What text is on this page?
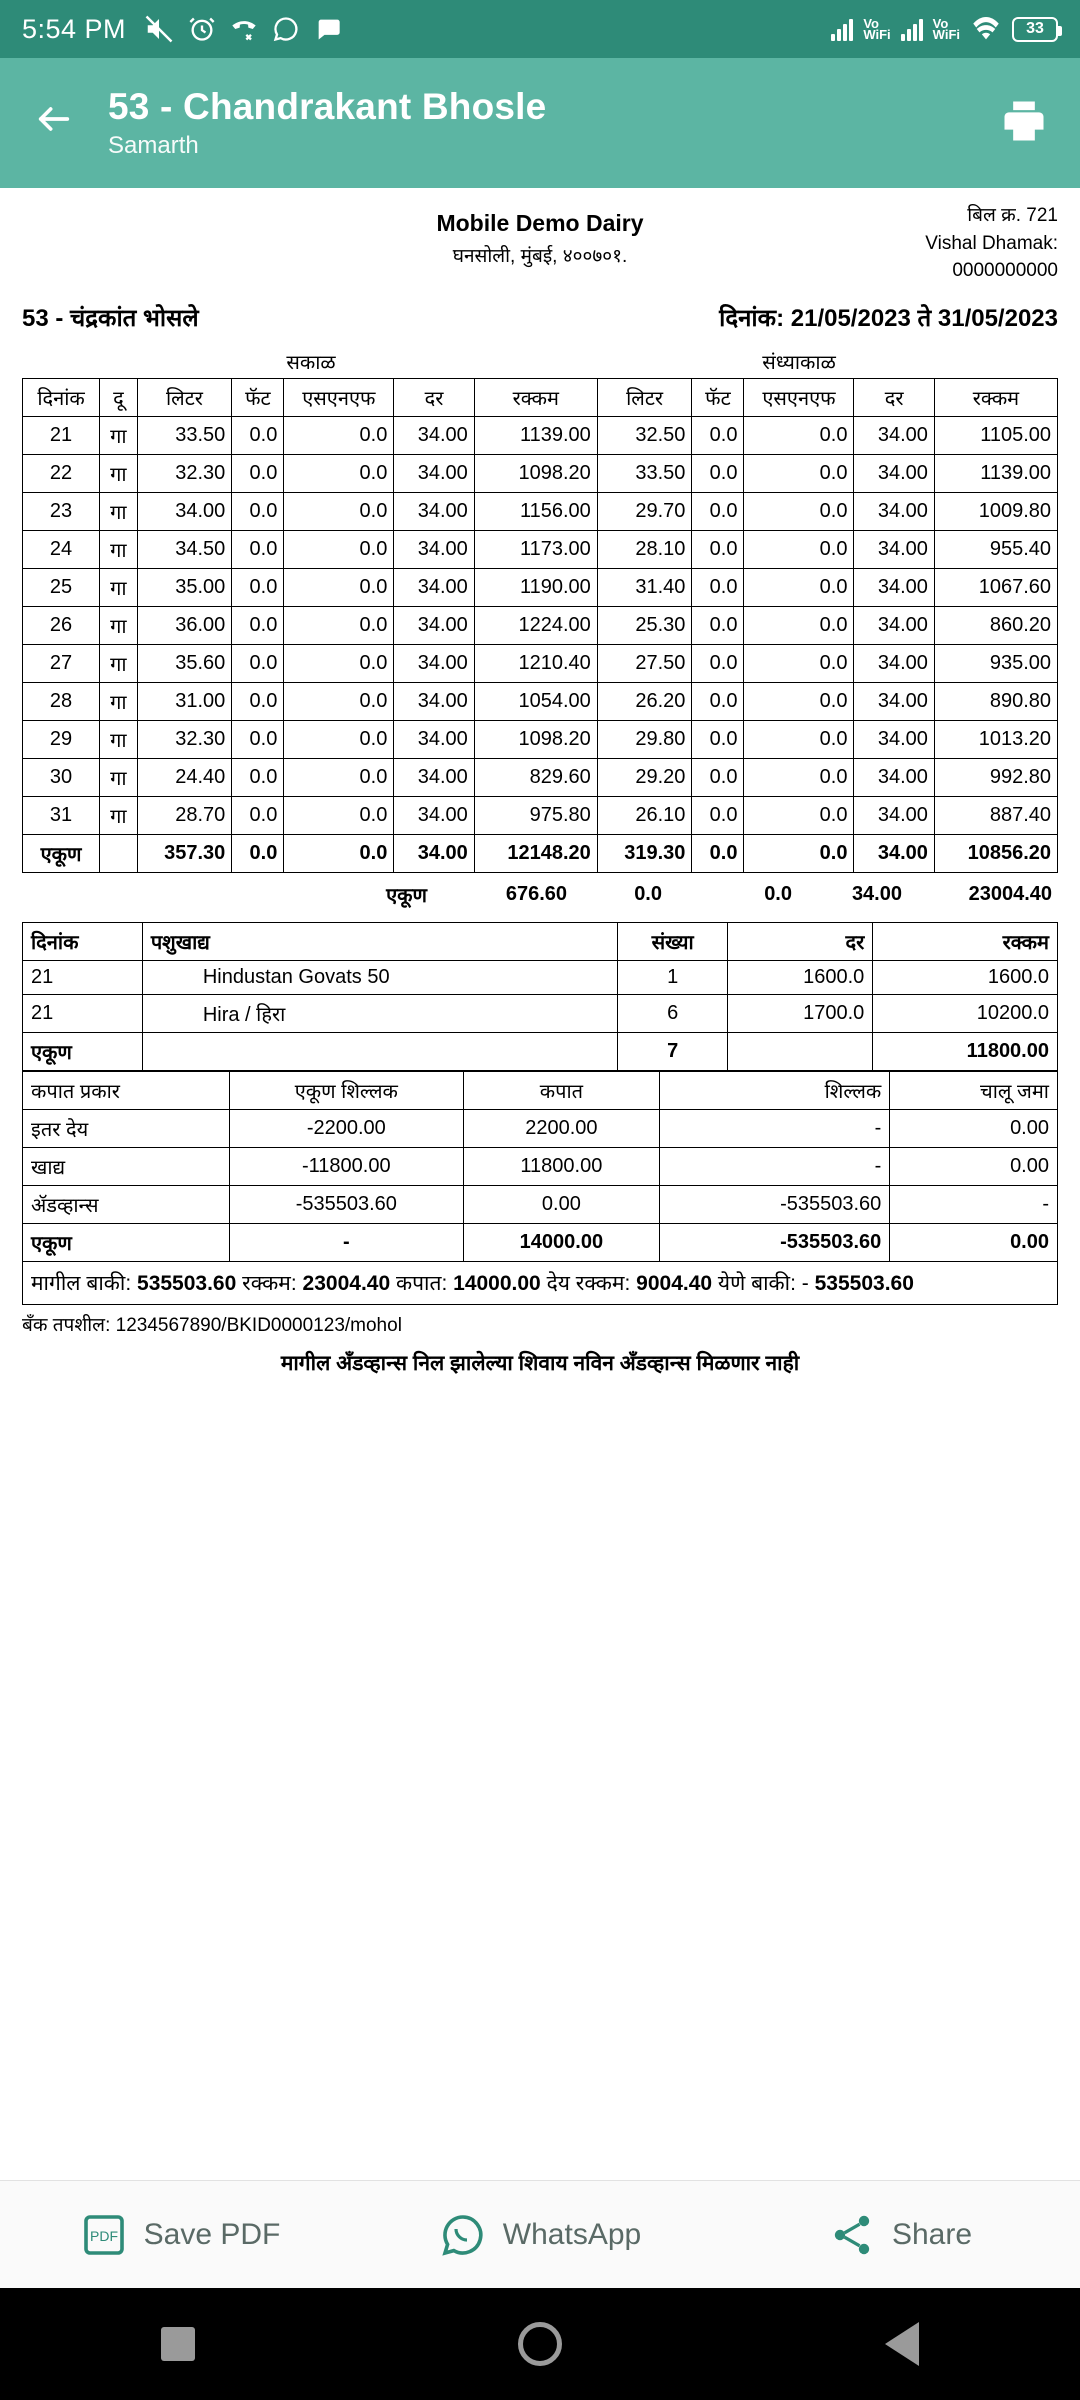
5:54 PM	Vo
WiFi
Vo
WiFi	33
53 - Chandrakant Bhosle
Samarth
Mobile Demo Dairy
घनसोली, मुंबई, ४००७०१.
बिल क्र. 721
Vishal Dhamak:
0000000000
53 - चंद्रकांत भोसले	दिनांक: 21/05/2023 ते 31/05/2023
सकाळ	संध्याकाळ
दिनांक	दू	लिटर	फॅट	एसएनएफ	दर	रक्कम	लिटर	फॅट	एसएनएफ	दर	रक्कम
21	गा	33.50	0.0	0.0	34.00	1139.00	32.50	0.0	0.0	34.00	1105.00
22	गा	32.30	0.0	0.0	34.00	1098.20	33.50	0.0	0.0	34.00	1139.00
23	गा	34.00	0.0	0.0	34.00	1156.00	29.70	0.0	0.0	34.00	1009.80
24	गा	34.50	0.0	0.0	34.00	1173.00	28.10	0.0	0.0	34.00	955.40
25	गा	35.00	0.0	0.0	34.00	1190.00	31.40	0.0	0.0	34.00	1067.60
26	गा	36.00	0.0	0.0	34.00	1224.00	25.30	0.0	0.0	34.00	860.20
27	गा	35.60	0.0	0.0	34.00	1210.40	27.50	0.0	0.0	34.00	935.00
28	गा	31.00	0.0	0.0	34.00	1054.00	26.20	0.0	0.0	34.00	890.80
29	गा	32.30	0.0	0.0	34.00	1098.20	29.80	0.0	0.0	34.00	1013.20
30	गा	24.40	0.0	0.0	34.00	829.60	29.20	0.0	0.0	34.00	992.80
31	गा	28.70	0.0	0.0	34.00	975.80	26.10	0.0	0.0	34.00	887.40
एकूण		357.30	0.0	0.0	34.00	12148.20	319.30	0.0	0.0	34.00	10856.20
एकूण	676.60	0.0	0.0	34.00	23004.40
दिनांक	पशुखाद्य	संख्या	दर	रक्कम
21	Hindustan Govats 50	1	1600.0	1600.0
21	Hira / हिरा	6	1700.0	10200.0
एकूण		7		11800.00
कपात प्रकार	एकूण शिल्लक	कपात	शिल्लक	चालू जमा
इतर देय	-2200.00	2200.00	-	0.00
खाद्य	-11800.00	11800.00	-	0.00
ॲडव्हान्स	-535503.60	0.00	-535503.60	-
एकूण	-	14000.00	-535503.60	0.00
मागील बाकी: 535503.60 रक्कम: 23004.40 कपात: 14000.00 देय रक्कम: 9004.40 येणे बाकी: - 535503.60
बँक तपशील: 1234567890/BKID0000123/mohol
मागील अँडव्हान्स निल झालेल्या शिवाय नविन अँडव्हान्स मिळणार नाही
PDF Save PDF	WhatsApp	Share
